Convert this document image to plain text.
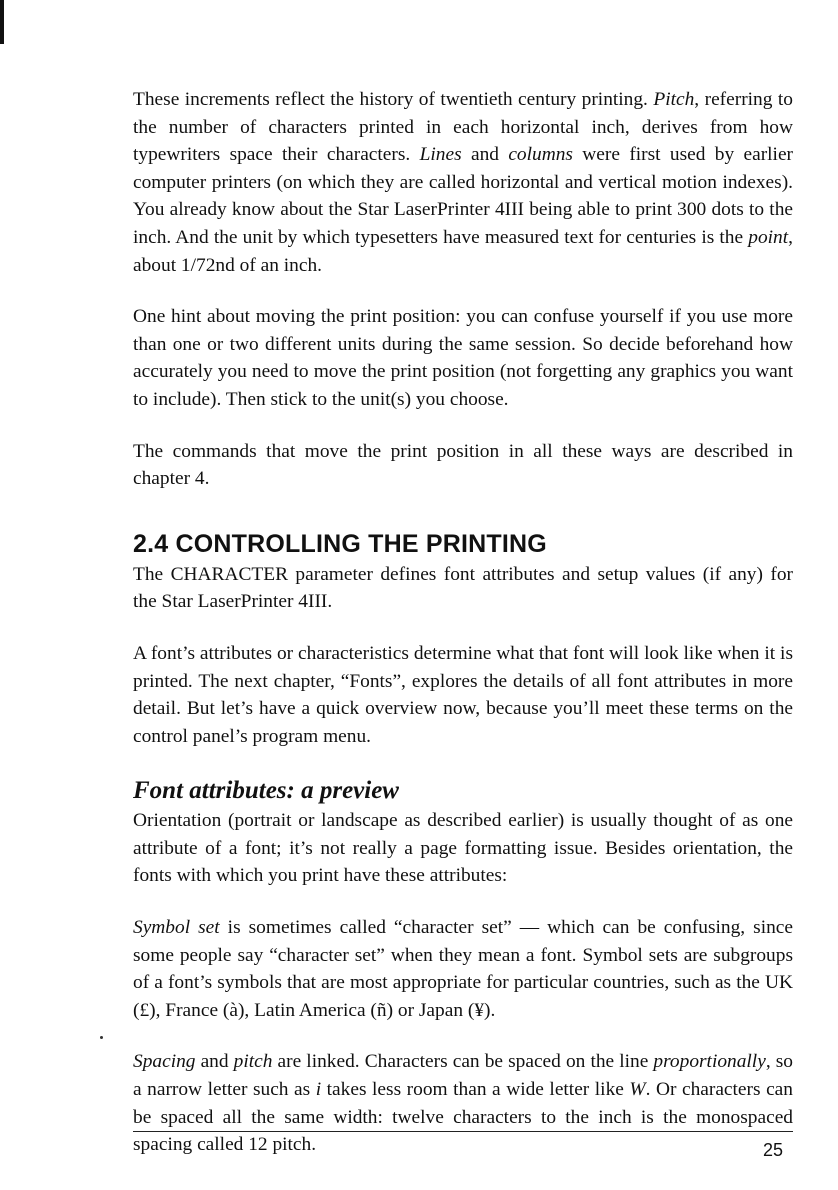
These increments reflect the history of twentieth century printing. Pitch, referring to the number of characters printed in each horizontal inch, derives from how typewriters space their characters. Lines and columns were first used by earlier computer printers (on which they are called horizontal and vertical motion indexes). You already know about the Star LaserPrinter 4III being able to print 300 dots to the inch. And the unit by which typesetters have measured text for centuries is the point, about 1/72nd of an inch.

One hint about moving the print position: you can confuse yourself if you use more than one or two different units during the same session. So decide beforehand how accurately you need to move the print position (not forgetting any graphics you want to include). Then stick to the unit(s) you choose.

The commands that move the print position in all these ways are described in chapter 4.

2.4 CONTROLLING THE PRINTING

The CHARACTER parameter defines font attributes and setup values (if any) for the Star LaserPrinter 4III.

A font’s attributes or characteristics determine what that font will look like when it is printed. The next chapter, “Fonts”, explores the details of all font attributes in more detail. But let’s have a quick overview now, because you’ll meet these terms on the control panel’s program menu.

Font attributes: a preview

Orientation (portrait or landscape as described earlier) is usually thought of as one attribute of a font; it’s not really a page formatting issue. Besides orientation, the fonts with which you print have these attributes:

Symbol set is sometimes called “character set” — which can be confusing, since some people say “character set” when they mean a font. Symbol sets are subgroups of a font’s symbols that are most appropriate for particular countries, such as the UK (£), France (à), Latin America (ñ) or Japan (¥).

Spacing and pitch are linked. Characters can be spaced on the line proportionally, so a narrow letter such as i takes less room than a wide letter like W. Or characters can be spaced all the same width: twelve characters to the inch is the monospaced spacing called 12 pitch.	25
